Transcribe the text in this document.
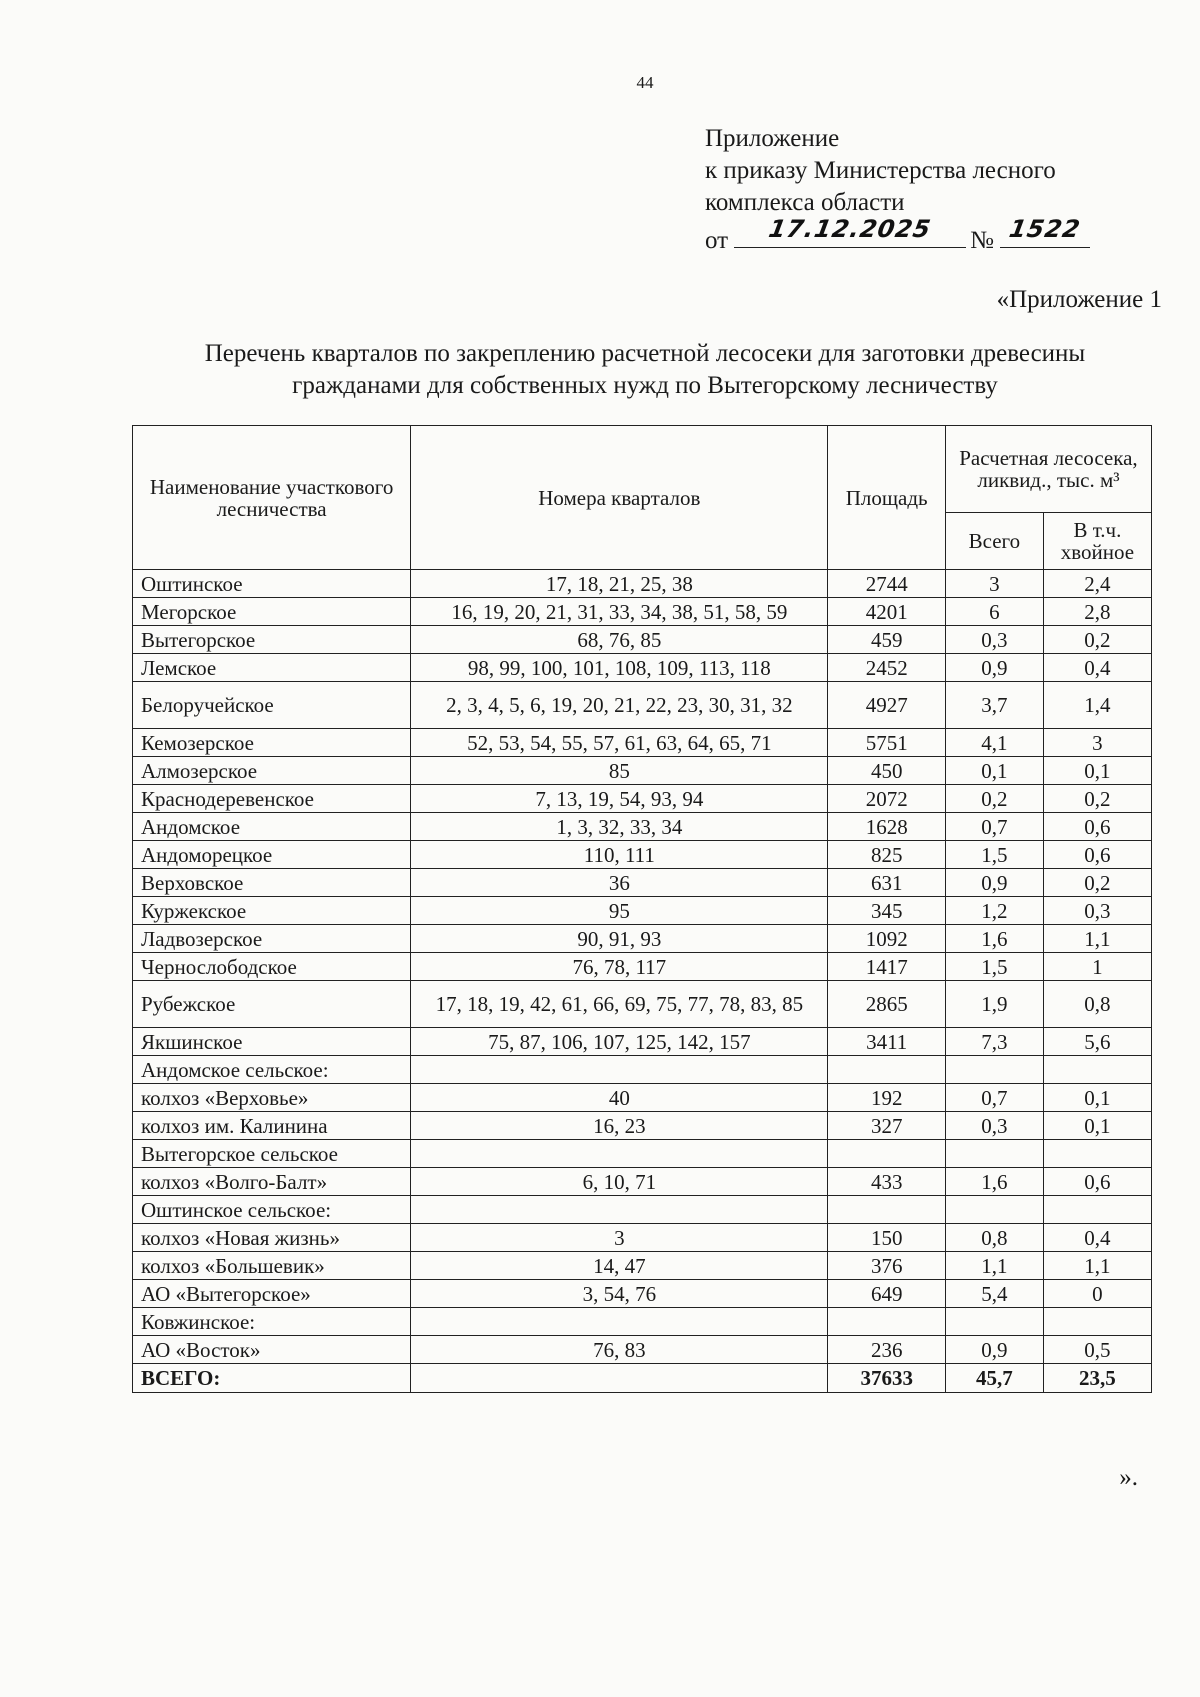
44
Приложение
к приказу Министерства лесного
комплекса области
от	17.12.2025	№ 1522
«Приложение 1
Перечень кварталов по закреплению расчетной лесосеки для заготовки древесины
гражданами для собственных нужд по Вытегорскому лесничеству
Наименование участкового лесничества	Номера кварталов	Площадь	Расчетная лесосека, ликвид., тыс. м³	
			Всего	В т.ч. хвойное
Оштинское	17, 18, 21, 25, 38	2744	3	2,4
Мегорское	16, 19, 20, 21, 31, 33, 34, 38, 51, 58, 59	4201	6	2,8
Вытегорское	68, 76, 85	459	0,3	0,2
Лемское	98, 99, 100, 101, 108, 109, 113, 118	2452	0,9	0,4
Белоручейское	2, 3, 4, 5, 6, 19, 20, 21, 22, 23, 30, 31, 32	4927	3,7	1,4
Кемозерское	52, 53, 54, 55, 57, 61, 63, 64, 65, 71	5751	4,1	3
Алмозерское	85	450	0,1	0,1
Краснодеревенское	7, 13, 19, 54, 93, 94	2072	0,2	0,2
Андомское	1, 3, 32, 33, 34	1628	0,7	0,6
Андоморецкое	110, 111	825	1,5	0,6
Верховское	36	631	0,9	0,2
Куржекское	95	345	1,2	0,3
Ладвозерское	90, 91, 93	1092	1,6	1,1
Чернослободское	76, 78, 117	1417	1,5	1
Рубежское	17, 18, 19, 42, 61, 66, 69, 75, 77, 78, 83, 85	2865	1,9	0,8
Якшинское	75, 87, 106, 107, 125, 142, 157	3411	7,3	5,6
Андомское сельское:				
колхоз «Верховье»	40	192	0,7	0,1
колхоз им. Калинина	16, 23	327	0,3	0,1
Вытегорское сельское				
колхоз «Волго-Балт»	6, 10, 71	433	1,6	0,6
Оштинское сельское:				
колхоз «Новая жизнь»	3	150	0,8	0,4
колхоз «Большевик»	14, 47	376	1,1	1,1
АО «Вытегорское»	3, 54, 76	649	5,4	0
Ковжинское:				
АО «Восток»	76, 83	236	0,9	0,5
ВСЕГО:		37633	45,7	23,5
».
